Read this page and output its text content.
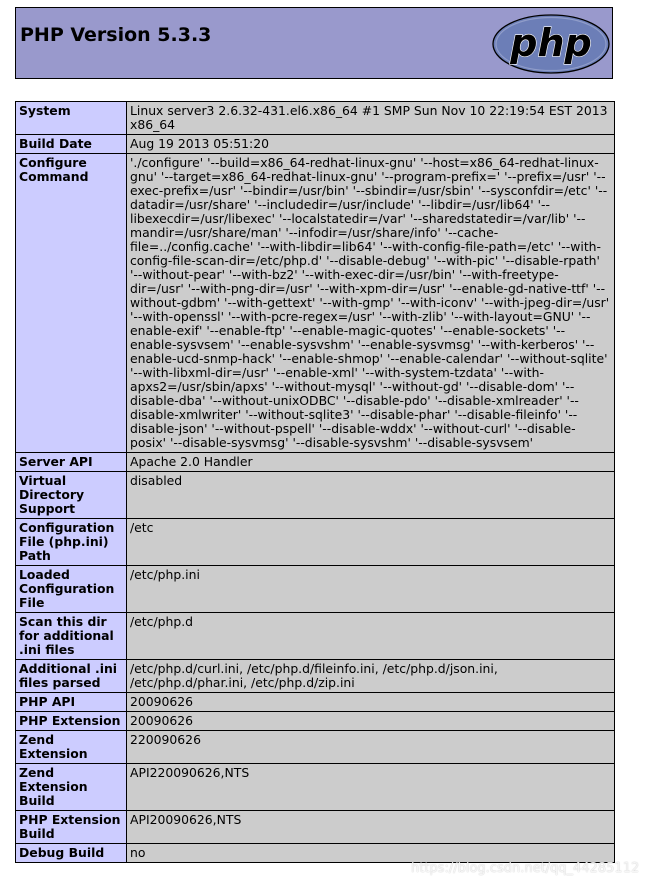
PHP Version 5.3.3	php
System	Linux server3 2.6.32-431.el6.x86_64 #1 SMP Sun Nov 10 22:19:54 EST 2013 x86_64
Build Date	Aug 19 2013 05:51:20
Configure Command	'./configure' '--build=x86_64-redhat-linux-gnu' '--host=x86_64-redhat-linux-gnu' '--target=x86_64-redhat-linux-gnu' '--program-prefix=' '--prefix=/usr' '--exec-prefix=/usr' '--bindir=/usr/bin' '--sbindir=/usr/sbin' '--sysconfdir=/etc' '--datadir=/usr/share' '--includedir=/usr/include' '--libdir=/usr/lib64' '--libexecdir=/usr/libexec' '--localstatedir=/var' '--sharedstatedir=/var/lib' '--mandir=/usr/share/man' '--infodir=/usr/share/info' '--cache-file=../config.cache' '--with-libdir=lib64' '--with-config-file-path=/etc' '--with-config-file-scan-dir=/etc/php.d' '--disable-debug' '--with-pic' '--disable-rpath' '--without-pear' '--with-bz2' '--with-exec-dir=/usr/bin' '--with-freetype-dir=/usr' '--with-png-dir=/usr' '--with-xpm-dir=/usr' '--enable-gd-native-ttf' '--without-gdbm' '--with-gettext' '--with-gmp' '--with-iconv' '--with-jpeg-dir=/usr' '--with-openssl' '--with-pcre-regex=/usr' '--with-zlib' '--with-layout=GNU' '--enable-exif' '--enable-ftp' '--enable-magic-quotes' '--enable-sockets' '--enable-sysvsem' '--enable-sysvshm' '--enable-sysvmsg' '--with-kerberos' '--enable-ucd-snmp-hack' '--enable-shmop' '--enable-calendar' '--without-sqlite' '--with-libxml-dir=/usr' '--enable-xml' '--with-system-tzdata' '--with-apxs2=/usr/sbin/apxs' '--without-mysql' '--without-gd' '--disable-dom' '--disable-dba' '--without-unixODBC' '--disable-pdo' '--disable-xmlreader' '--disable-xmlwriter' '--without-sqlite3' '--disable-phar' '--disable-fileinfo' '--disable-json' '--without-pspell' '--disable-wddx' '--without-curl' '--disable-posix' '--disable-sysvmsg' '--disable-sysvshm' '--disable-sysvsem'
Server API	Apache 2.0 Handler
Virtual Directory Support	disabled
Configuration File (php.ini) Path	/etc
Loaded Configuration File	/etc/php.ini
Scan this dir for additional .ini files	/etc/php.d
Additional .ini files parsed	/etc/php.d/curl.ini, /etc/php.d/fileinfo.ini, /etc/php.d/json.ini, /etc/php.d/phar.ini, /etc/php.d/zip.ini
PHP API	20090626
PHP Extension	20090626
Zend Extension	220090626
Zend Extension Build	API220090626,NTS
PHP Extension Build	API20090626,NTS
Debug Build	no
https://blog.csdn.net/qq_44285112
